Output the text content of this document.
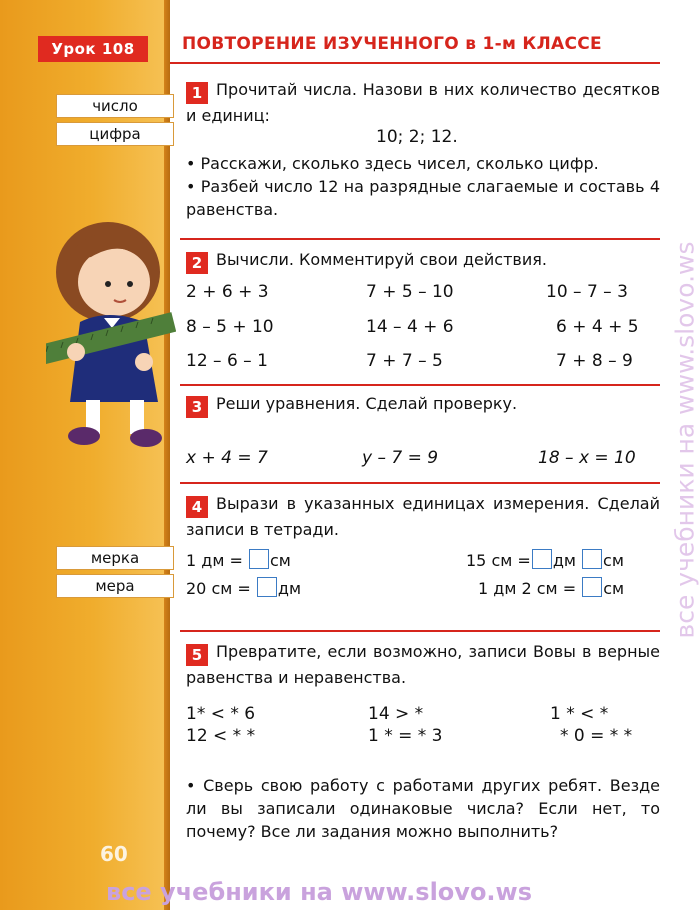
Урок 108	ПОВТОРЕНИЕ ИЗУЧЕННОГО в 1-м КЛАССЕ
число
цифра
мерка
мера
1 Прочитай числа. Назови в них количество десятков и единиц:
10; 2; 12.
• Расскажи, сколько здесь чисел, сколько цифр.
• Разбей число 12 на разрядные слагаемые и составь 4 равенства.
2 Вычисли. Комментируй свои действия.
2 + 6 + 3	7 + 5 – 10	10 – 7 – 3
8 – 5 + 10	14 – 4 + 6	6 + 4 + 5
12 – 6 – 1	7 + 7 – 5	7 + 8 – 9
3 Реши уравнения. Сделай проверку.
x + 4 = 7	y – 7 = 9	18 – x = 10
4 Вырази в указанных единицах измерения. Сделай записи в тетради.
1 дм = см	15 см = дм см
20 см = дм	1 дм 2 см = см
5 Превратите, если возможно, записи Вовы в верные равенства и неравенства.
1* < * 6	14 > *	1 * < *
12 < * *	1 * = * 3	* 0 = * *
• Сверь свою работу с работами других ребят. Везде ли вы записали одинаковые числа? Если нет, то почему? Все ли задания можно выполнить?
60
все учебники на www.slovo.ws
все учебники на www.slovo.ws
